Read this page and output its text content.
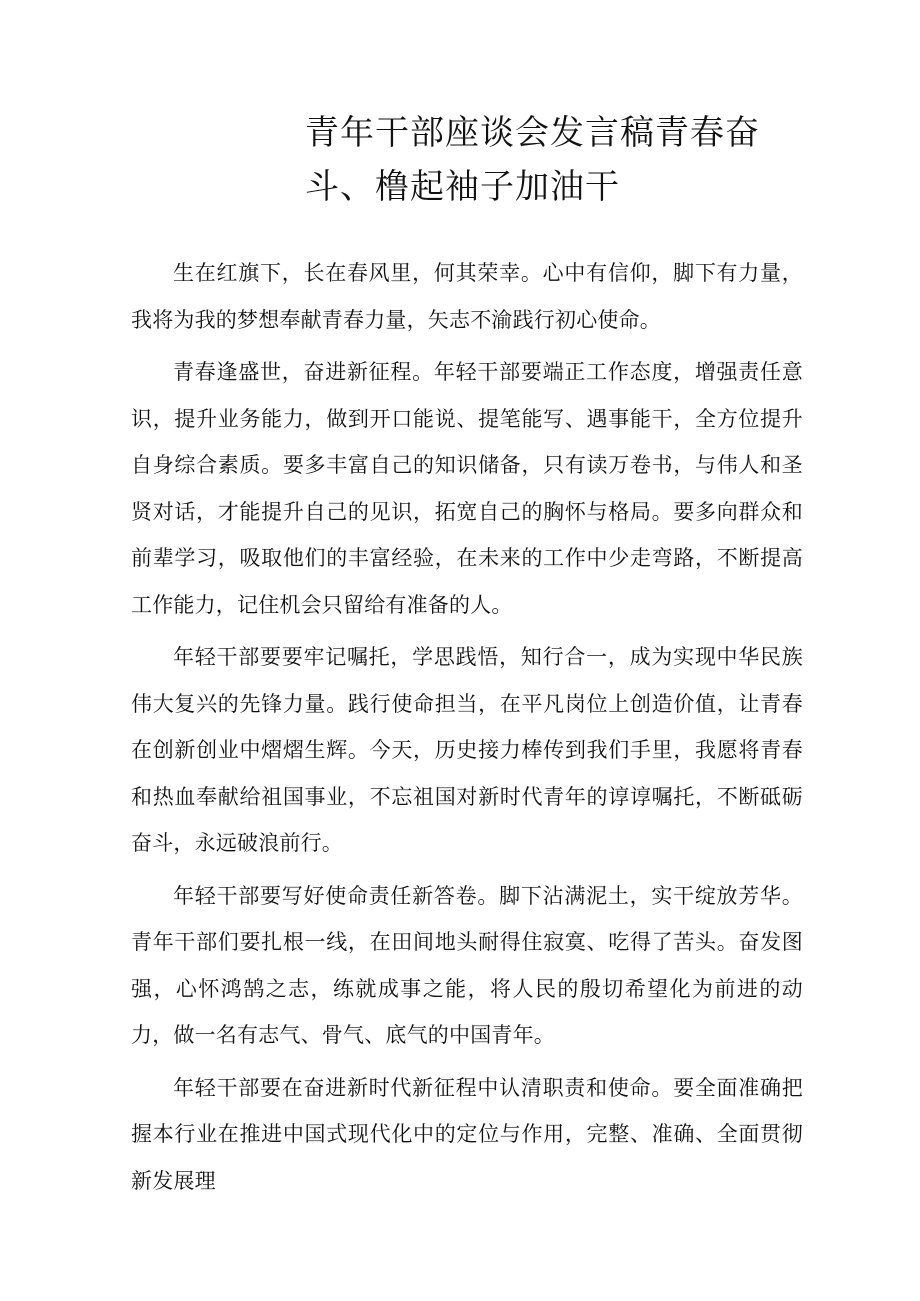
青年干部座谈会发言稿青春奋
斗、橹起袖子加油干

生在红旗下，长在春风里，何其荣幸。心中有信仰，脚下有力量，我将为我的梦想奉献青春力量，矢志不渝践行初心使命。

青春逢盛世，奋进新征程。年轻干部要端正工作态度，增强责任意识，提升业务能力，做到开口能说、提笔能写、遇事能干，全方位提升自身综合素质。要多丰富自己的知识储备，只有读万卷书，与伟人和圣贤对话，才能提升自己的见识，拓宽自己的胸怀与格局。要多向群众和前辈学习，吸取他们的丰富经验，在未来的工作中少走弯路，不断提高工作能力，记住机会只留给有准备的人。

年轻干部要要牢记嘱托，学思践悟，知行合一，成为实现中华民族伟大复兴的先锋力量。践行使命担当，在平凡岗位上创造价值，让青春在创新创业中熠熠生辉。今天，历史接力棒传到我们手里，我愿将青春和热血奉献给祖国事业，不忘祖国对新时代青年的谆谆嘱托，不断砥砺奋斗，永远破浪前行。

年轻干部要写好使命责任新答卷。脚下沾满泥土，实干绽放芳华。青年干部们要扎根一线，在田间地头耐得住寂寞、吃得了苦头。奋发图强，心怀鸿鹄之志，练就成事之能，将人民的殷切希望化为前进的动力，做一名有志气、骨气、底气的中国青年。

年轻干部要在奋进新时代新征程中认清职责和使命。要全面准确把握本行业在推进中国式现代化中的定位与作用，完整、准确、全面贯彻新发展理
